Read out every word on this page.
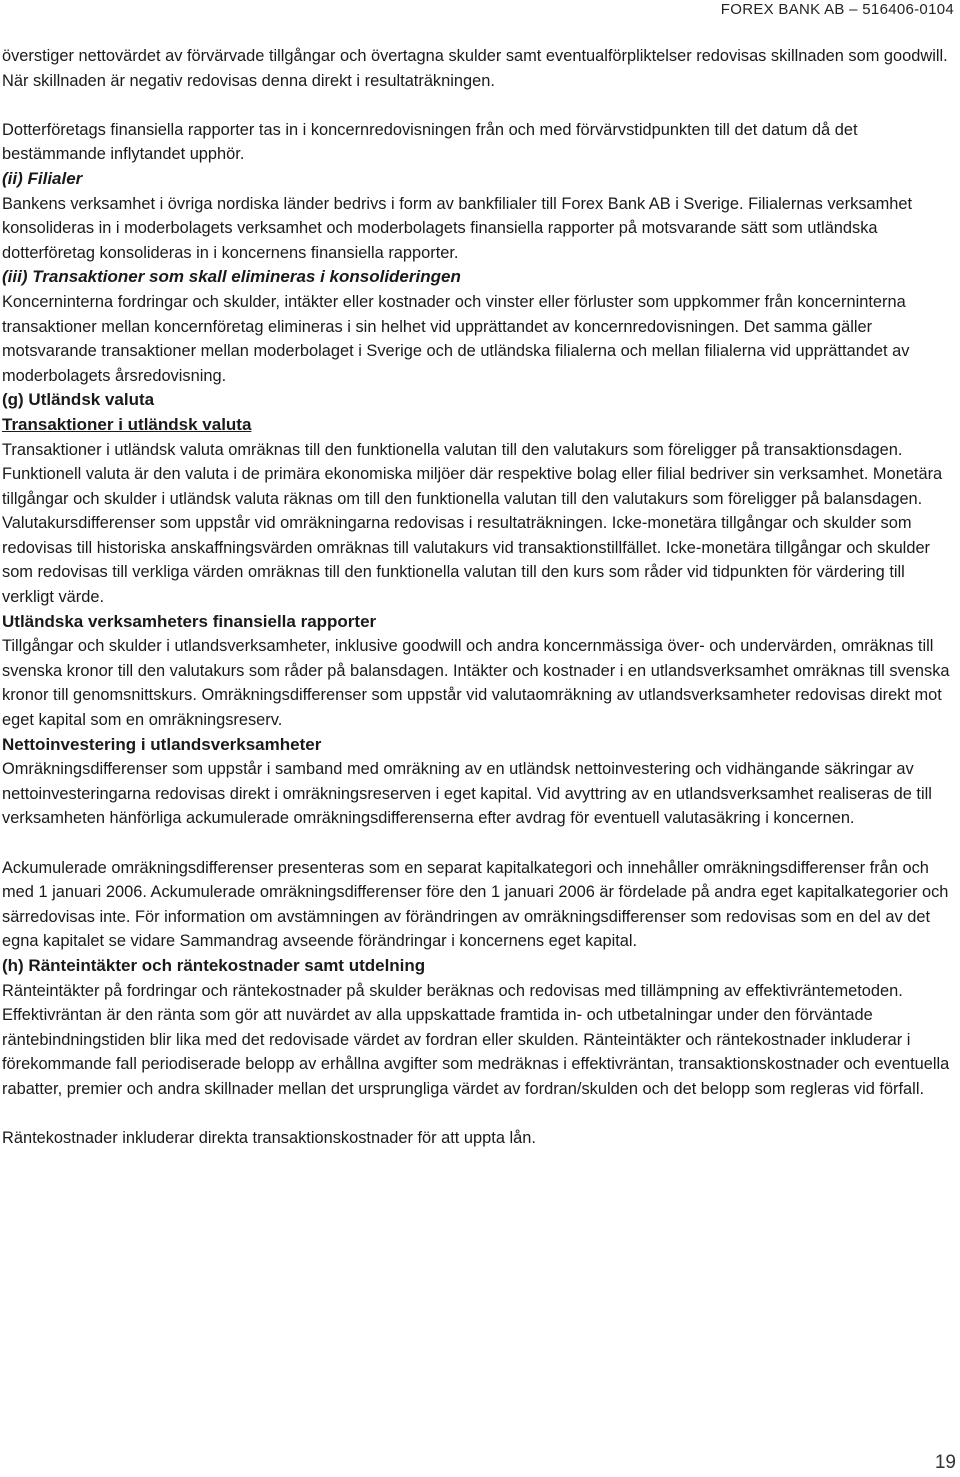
FOREX BANK AB – 516406-0104

överstiger nettovärdet av förvärvade tillgångar och övertagna skulder samt eventualförpliktelser redovisas skillnaden som goodwill. När skillnaden är negativ redovisas denna direkt i resultaträkningen.

Dotterföretags finansiella rapporter tas in i koncernredovisningen från och med förvärvstidpunkten till det datum då det bestämmande inflytandet upphör.

(ii) Filialer

Bankens verksamhet i övriga nordiska länder bedrivs i form av bankfilialer till Forex Bank AB i Sverige. Filialernas verksamhet konsolideras in i moderbolagets verksamhet och moderbolagets finansiella rapporter på motsvarande sätt som utländska dotterföretag konsolideras in i koncernens finansiella rapporter.

(iii) Transaktioner som skall elimineras i konsolideringen

Koncerninterna fordringar och skulder, intäkter eller kostnader och vinster eller förluster som uppkommer från koncerninterna transaktioner mellan koncernföretag elimineras i sin helhet vid upprättandet av koncernredovisningen. Det samma gäller motsvarande transaktioner mellan moderbolaget i Sverige och de utländska filialerna och mellan filialerna vid upprättandet av moderbolagets årsredovisning.

(g) Utländsk valuta

Transaktioner i utländsk valuta

Transaktioner i utländsk valuta omräknas till den funktionella valutan till den valutakurs som föreligger på transaktionsdagen. Funktionell valuta är den valuta i de primära ekonomiska miljöer där respektive bolag eller filial bedriver sin verksamhet. Monetära tillgångar och skulder i utländsk valuta räknas om till den funktionella valutan till den valutakurs som föreligger på balansdagen. Valutakursdifferenser som uppstår vid omräkningarna redovisas i resultaträkningen. Icke-monetära tillgångar och skulder som redovisas till historiska anskaffningsvärden omräknas till valutakurs vid transaktionstillfället. Icke-monetära tillgångar och skulder som redovisas till verkliga värden omräknas till den funktionella valutan till den kurs som råder vid tidpunkten för värdering till verkligt värde.

Utländska verksamheters finansiella rapporter

Tillgångar och skulder i utlandsverksamheter, inklusive goodwill och andra koncernmässiga över- och undervärden, omräknas till svenska kronor till den valutakurs som råder på balansdagen. Intäkter och kostnader i en utlandsverksamhet omräknas till svenska kronor till genomsnittskurs. Omräkningsdifferenser som uppstår vid valutaomräkning av utlandsverksamheter redovisas direkt mot eget kapital som en omräkningsreserv.

Nettoinvestering i utlandsverksamheter

Omräkningsdifferenser som uppstår i samband med omräkning av en utländsk nettoinvestering och vidhängande säkringar av nettoinvesteringarna redovisas direkt i omräkningsreserven i eget kapital. Vid avyttring av en utlandsverksamhet realiseras de till verksamheten hänförliga ackumulerade omräkningsdifferenserna efter avdrag för eventuell valutasäkring i koncernen.

Ackumulerade omräkningsdifferenser presenteras som en separat kapitalkategori och innehåller omräkningsdifferenser från och med 1 januari 2006. Ackumulerade omräkningsdifferenser före den 1 januari 2006 är fördelade på andra eget kapitalkategorier och särredovisas inte. För information om avstämningen av förändringen av omräkningsdifferenser som redovisas som en del av det egna kapitalet se vidare Sammandrag avseende förändringar i koncernens eget kapital.

(h) Ränteintäkter och räntekostnader samt utdelning

Ränteintäkter på fordringar och räntekostnader på skulder beräknas och redovisas med tillämpning av effektivräntemetoden. Effektivräntan är den ränta som gör att nuvärdet av alla uppskattade framtida in- och utbetalningar under den förväntade räntebindningstiden blir lika med det redovisade värdet av fordran eller skulden. Ränteintäkter och räntekostnader inkluderar i förekommande fall periodiserade belopp av erhållna avgifter som medräknas i effektivräntan, transaktionskostnader och eventuella rabatter, premier och andra skillnader mellan det ursprungliga värdet av fordran/skulden och det belopp som regleras vid förfall.

Räntekostnader inkluderar direkta transaktionskostnader för att uppta lån.

19
